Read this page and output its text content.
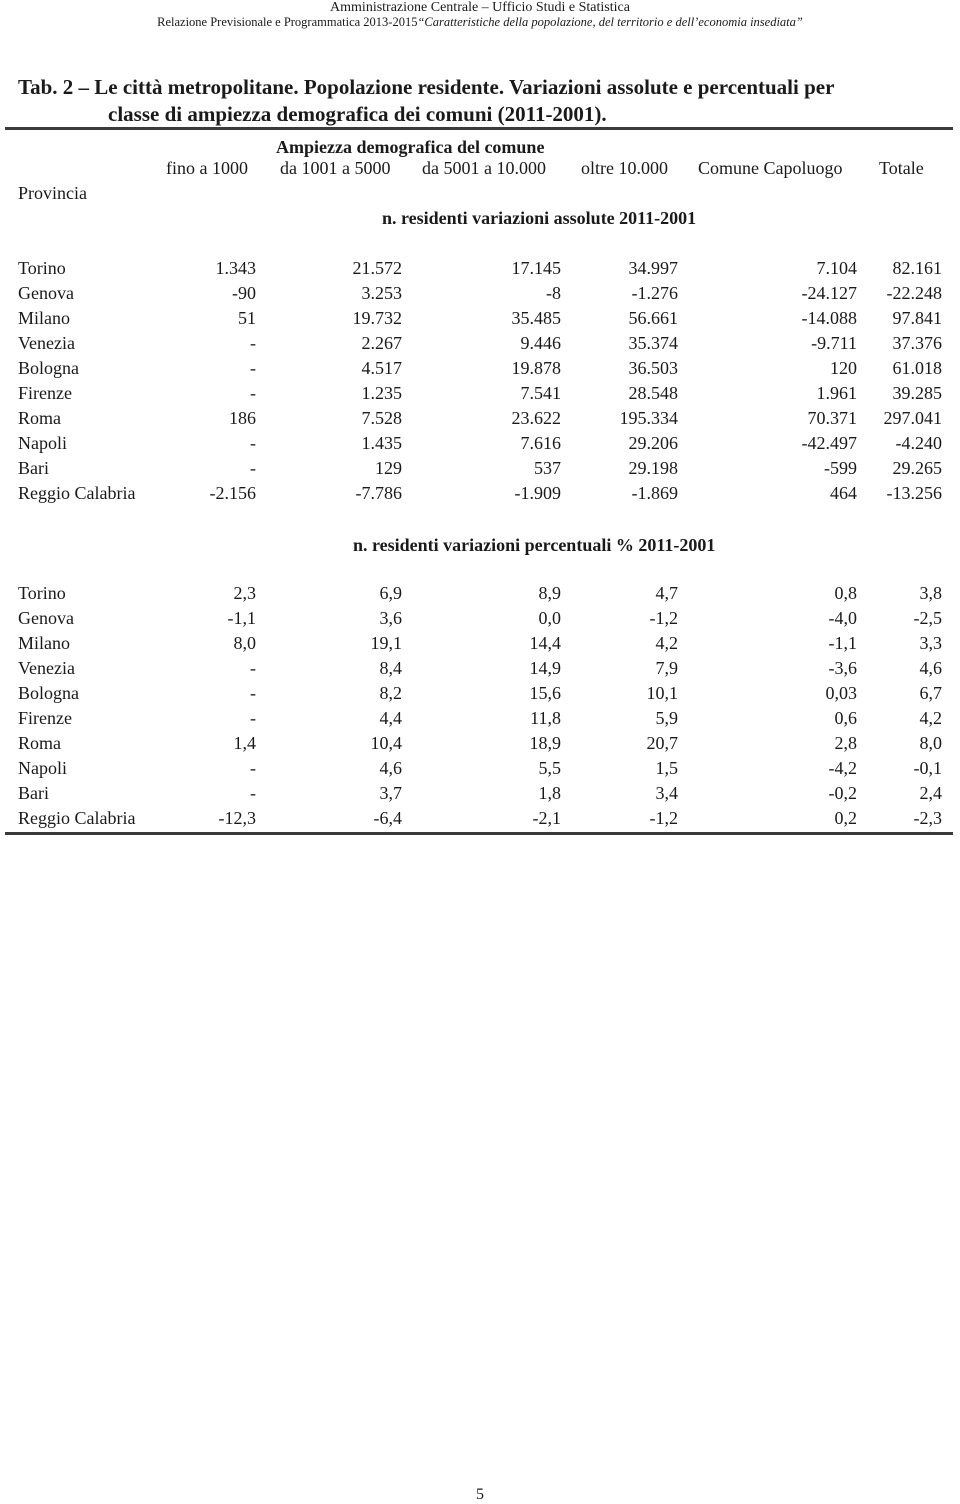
Amministrazione Centrale – Ufficio Studi e Statistica
Relazione Previsionale e Programmatica 2013-2015“Caratteristiche della popolazione, del territorio e dell’economia insediata”
Tab. 2 – Le città metropolitane. Popolazione residente. Variazioni assolute e percentuali per
classe di ampiezza demografica dei comuni (2011-2001).
Ampiezza demografica del comune
fino a 1000 da 1001 a 5000 da 5001 a 10.000 oltre 10.000 Comune Capoluogo Totale
Provincia
n. residenti variazioni assolute 2011-2001
Torino	1.343	21.572	17.145	34.997	7.104 82.161
Genova	-90	3.253	-8	-1.276	-24.127 -22.248
Milano	51	19.732	35.485	56.661	-14.088 97.841
Venezia	-	2.267	9.446	35.374	-9.711 37.376
Bologna	-	4.517	19.878	36.503	120 61.018
Firenze	-	1.235	7.541	28.548	1.961 39.285
Roma	186	7.528	23.622	195.334	70.371 297.041
Napoli	-	1.435	7.616	29.206	-42.497 -4.240
Bari	-	129	537	29.198	-599 29.265
Reggio Calabria	-2.156	-7.786	-1.909	-1.869	464 -13.256
n. residenti variazioni percentuali % 2011-2001
Torino	2,3	6,9	8,9	4,7	0,8	3,8
Genova	-1,1	3,6	0,0	-1,2	-4,0	-2,5
Milano	8,0	19,1	14,4	4,2	-1,1	3,3
Venezia	-	8,4	14,9	7,9	-3,6	4,6
Bologna	-	8,2	15,6	10,1	0,03	6,7
Firenze	-	4,4	11,8	5,9	0,6	4,2
Roma	1,4	10,4	18,9	20,7	2,8	8,0
Napoli	-	4,6	5,5	1,5	-4,2	-0,1
Bari	-	3,7	1,8	3,4	-0,2	2,4
Reggio Calabria	-12,3	-6,4	-2,1	-1,2	0,2	-2,3
5
